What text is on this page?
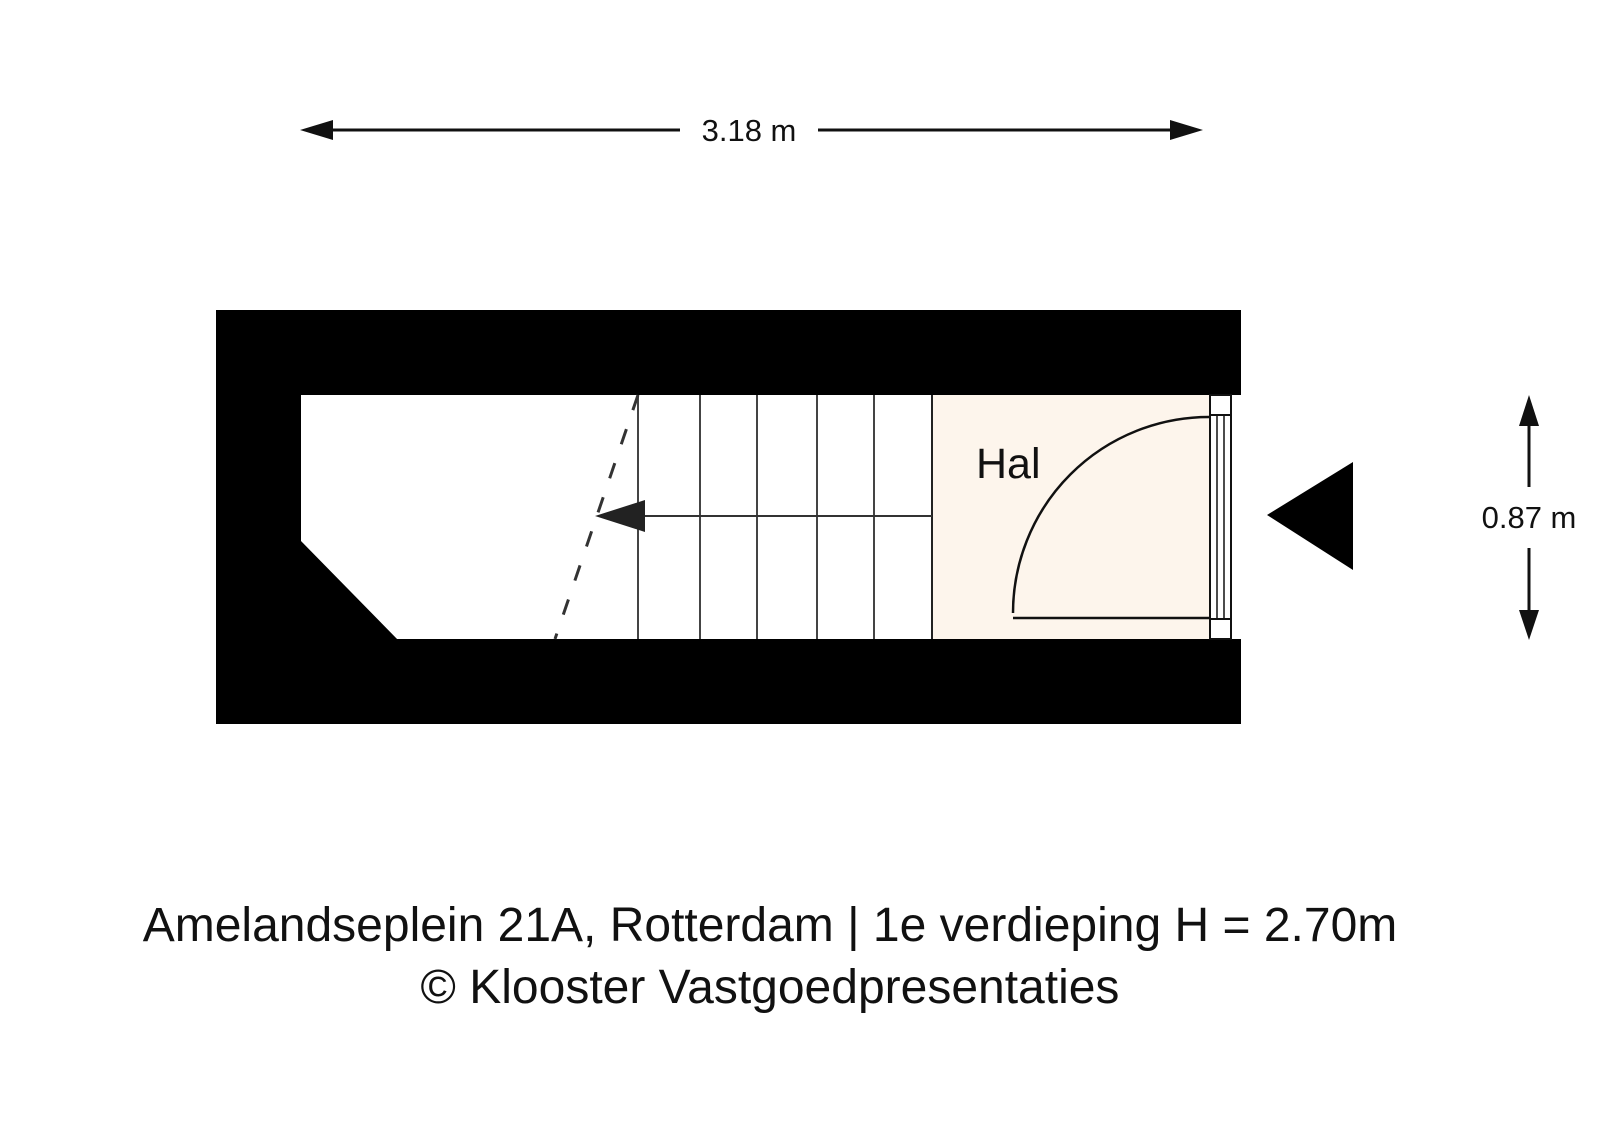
3.18 m
Hal
0.87 m
Amelandseplein 21A, Rotterdam | 1e verdieping H = 2.70m
© Klooster Vastgoedpresentaties
